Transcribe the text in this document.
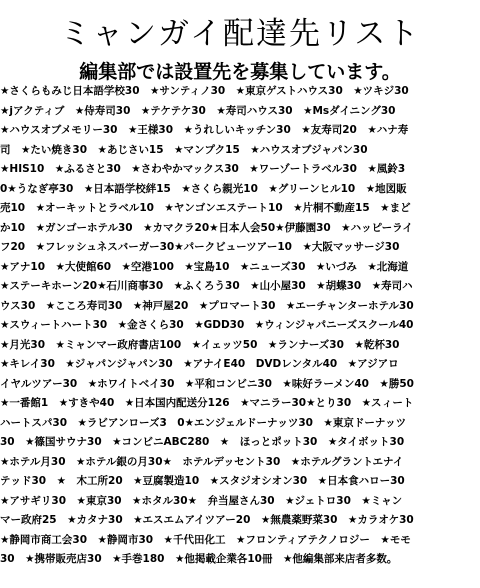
ミャンガイ配達先リスト
編集部では設置先を募集しています。
★さくらもみじ日本語学校30　★サンティノ30　★東京ゲストハウス30　★ツキジ30
★jアクティブ　★侍寿司30　★テケテケ30　★寿司ハウス30　★Msダイニング30
★ハウスオブメモリー30　★王様30　★うれしいキッチン30　★友寿司20　★ハナ寿
司　★たい焼き30　★あじさい15　★マンプク15　★ハウスオブジャパン30
★HIS10　★ふるさと30　★さわやかマックス30　★ワーゾートラベル30　★風鈴3
0★うなぎ亭30　★日本語学校絆15　★さくら親光10　★グリーンヒル10　★地図販
売10　★オーキットとラベル10　★ヤンゴンエステート10　★片桐不動産15　★まど
か10　★ガンゴーホテル30　★カマクラ20★日本人会50★伊藤園30　★ハッピーライ
フ20　★フレッシュネスバーガー30★パークビューツアー10　★大阪マッサージ30
★アナ10　★大使館60　★空港100　★宝島10　★ニューズ30　★いづみ　★北海道
★ステーキホーン20★石川商事30　★ふくろう30　★山小屋30　★胡蝶30　★寿司ハ
ウス30　★こころ寿司30　★神戸屋20　★プロマート30　★エーチャンターホテル30
★スウィートハート30　★金さくら30　★GDD30　★ウィンジャパニーズスクール40
★月光30　★ミャンマー政府書店100　★イェッツ50　★ランナーズ30　★乾杯30
★キレイ30　★ジャパンジャパン30　★アナイE40　DVDレンタル40　★アジアロ
イヤルツアー30　★ホワイトベイ30　★平和コンビニ30　★味好ラーメン40　★勝50
★一番館1　★すきや40　★日本国内配送分126　★マニラー30★とり30　★スィート
ハートスパ30　★ラビアンローズ3　0★エンジェルドーナッツ30　★東京ドーナッツ
30　★篠国サウナ30　★コンビニABC280　★　ほっとポット30　★タイボット30
★ホテル月30　★ホテル銀の月30★　ホテルデッセント30　★ホテルグラントエナイ
テッド30　★　木工所20　★豆腐製造10　★スタジオシオン30　★日本食ハロー30
★アサギリ30　★東京30　★ホタル30★　弁当屋さん30　★ジェトロ30　★ミャン
マー政府25　★カタナ30　★エスエムアイツアー20　★無農薬野菜30　★カラオケ30
★静岡市商工会30　★静岡市30　★千代田化工　★フロンティアテクノロジー　★モモ
30　★携帯販売店30　★手巻180　★他掲載企業各10冊　★他編集部来店者多数。
